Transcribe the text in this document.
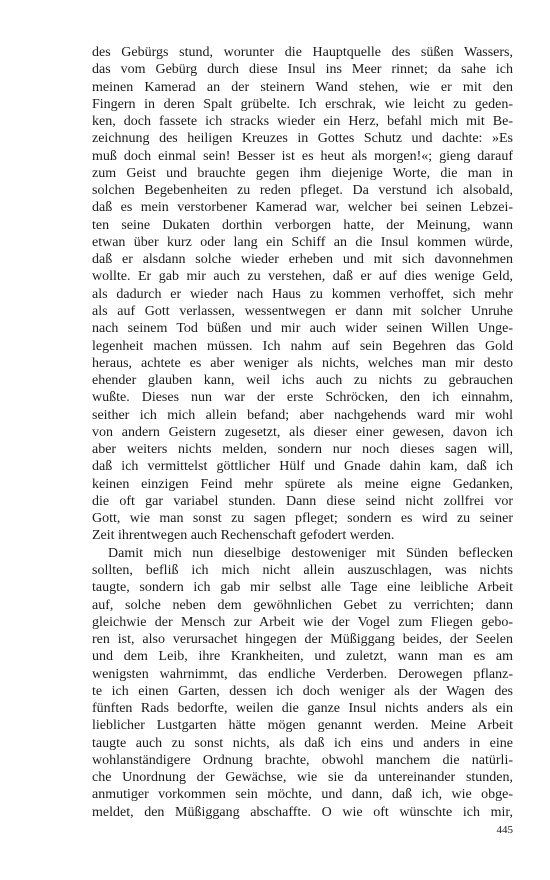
des Gebürgs stund, worunter die Hauptquelle des süßen Wassers,
das vom Gebürg durch diese Insul ins Meer rinnet; da sahe ich
meinen Kamerad an der steinern Wand stehen, wie er mit den
Fingern in deren Spalt grübelte. Ich erschrak, wie leicht zu geden-
ken, doch fassete ich stracks wieder ein Herz, befahl mich mit Be-
zeichnung des heiligen Kreuzes in Gottes Schutz und dachte: »Es
muß doch einmal sein! Besser ist es heut als morgen!«; gieng darauf
zum Geist und brauchte gegen ihm diejenige Worte, die man in
solchen Begebenheiten zu reden pfleget. Da verstund ich alsobald,
daß es mein verstorbener Kamerad war, welcher bei seinen Lebzei-
ten seine Dukaten dorthin verborgen hatte, der Meinung, wann
etwan über kurz oder lang ein Schiff an die Insul kommen würde,
daß er alsdann solche wieder erheben und mit sich davonnehmen
wollte. Er gab mir auch zu verstehen, daß er auf dies wenige Geld,
als dadurch er wieder nach Haus zu kommen verhoffet, sich mehr
als auf Gott verlassen, wessentwegen er dann mit solcher Unruhe
nach seinem Tod büßen und mir auch wider seinen Willen Unge-
legenheit machen müssen. Ich nahm auf sein Begehren das Gold
heraus, achtete es aber weniger als nichts, welches man mir desto
ehender glauben kann, weil ichs auch zu nichts zu gebrauchen
wußte. Dieses nun war der erste Schröcken, den ich einnahm,
seither ich mich allein befand; aber nachgehends ward mir wohl
von andern Geistern zugesetzt, als dieser einer gewesen, davon ich
aber weiters nichts melden, sondern nur noch dieses sagen will,
daß ich vermittelst göttlicher Hülf und Gnade dahin kam, daß ich
keinen einzigen Feind mehr spürete als meine eigne Gedanken,
die oft gar variabel stunden. Dann diese seind nicht zollfrei vor
Gott, wie man sonst zu sagen pfleget; sondern es wird zu seiner
Zeit ihrentwegen auch Rechenschaft gefodert werden.
Damit mich nun dieselbige destoweniger mit Sünden beflecken
sollten, befliß ich mich nicht allein auszuschlagen, was nichts
taugte, sondern ich gab mir selbst alle Tage eine leibliche Arbeit
auf, solche neben dem gewöhnlichen Gebet zu verrichten; dann
gleichwie der Mensch zur Arbeit wie der Vogel zum Fliegen gebo-
ren ist, also verursachet hingegen der Müßiggang beides, der Seelen
und dem Leib, ihre Krankheiten, und zuletzt, wann man es am
wenigsten wahrnimmt, das endliche Verderben. Derowegen pflanz-
te ich einen Garten, dessen ich doch weniger als der Wagen des
fünften Rads bedorfte, weilen die ganze Insul nichts anders als ein
lieblicher Lustgarten hätte mögen genannt werden. Meine Arbeit
taugte auch zu sonst nichts, als daß ich eins und anders in eine
wohlanständigere Ordnung brachte, obwohl manchem die natürli-
che Unordnung der Gewächse, wie sie da untereinander stunden,
anmutiger vorkommen sein möchte, und dann, daß ich, wie obge-
meldet, den Müßiggang abschaffte. O wie oft wünschte ich mir,
445
